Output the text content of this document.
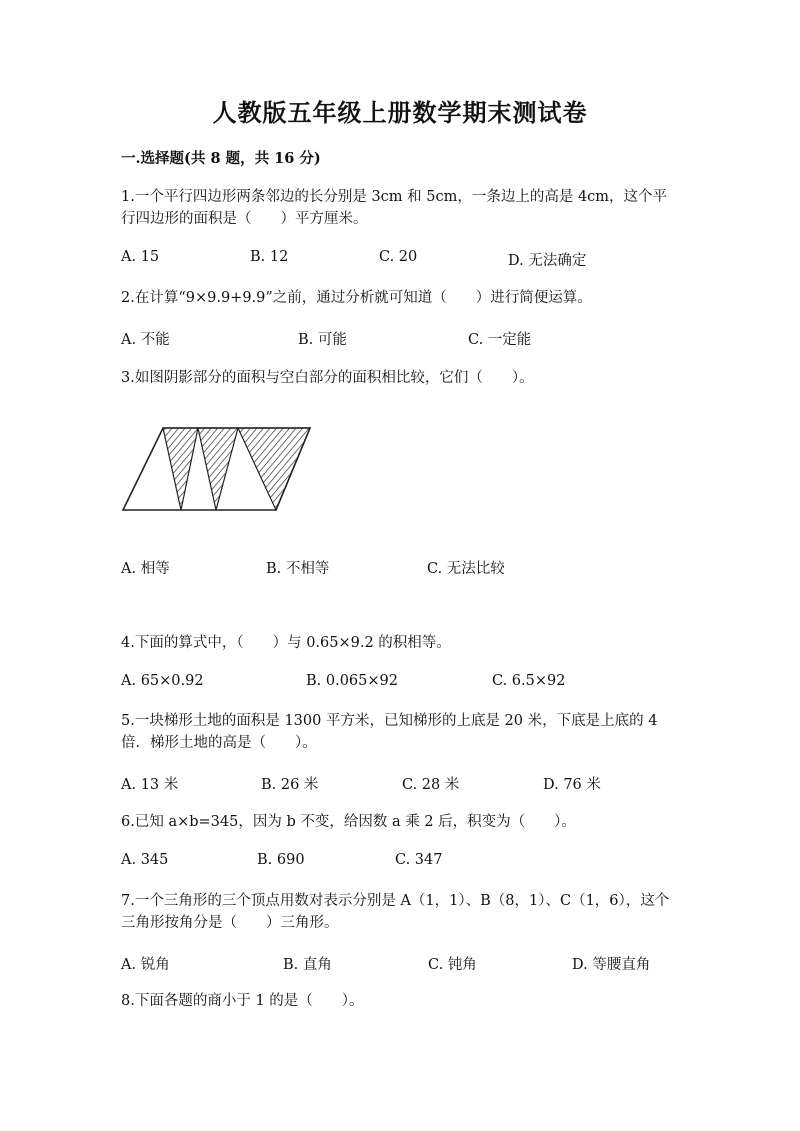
人教版五年级上册数学期末测试卷
一.选择题(共 8 题，共 16 分)
1.一个平行四边形两条邻边的长分别是 3cm 和 5cm，一条边上的高是 4cm，这个平行四边形的面积是（　　）平方厘米。
A. 15	B. 12	C. 20	D. 无法确定
2.在计算“9×9.9+9.9”之前，通过分析就可知道（　　）进行简便运算。
A. 不能	B. 可能	C. 一定能
3.如图阴影部分的面积与空白部分的面积相比较，它们（　　）。
A. 相等	B. 不相等	C. 无法比较
4.下面的算式中，（　　）与 0.65×9.2 的积相等。
A. 65×0.92	B. 0.065×92	C. 6.5×92
5.一块梯形土地的面积是 1300 平方米，已知梯形的上底是 20 米，下底是上底的 4 倍．梯形土地的高是（　　）。
A. 13 米	B. 26 米	C. 28 米	D. 76 米
6.已知 a×b=345，因为 b 不变，给因数 a 乘 2 后，积变为（　　）。
A. 345	B. 690	C. 347
7.一个三角形的三个顶点用数对表示分别是 A（1，1）、B（8，1）、C（1，6），这个三角形按角分是（　　）三角形。
A. 锐角	B. 直角	C. 钝角	D. 等腰直角
8.下面各题的商小于 1 的是（　　）。
